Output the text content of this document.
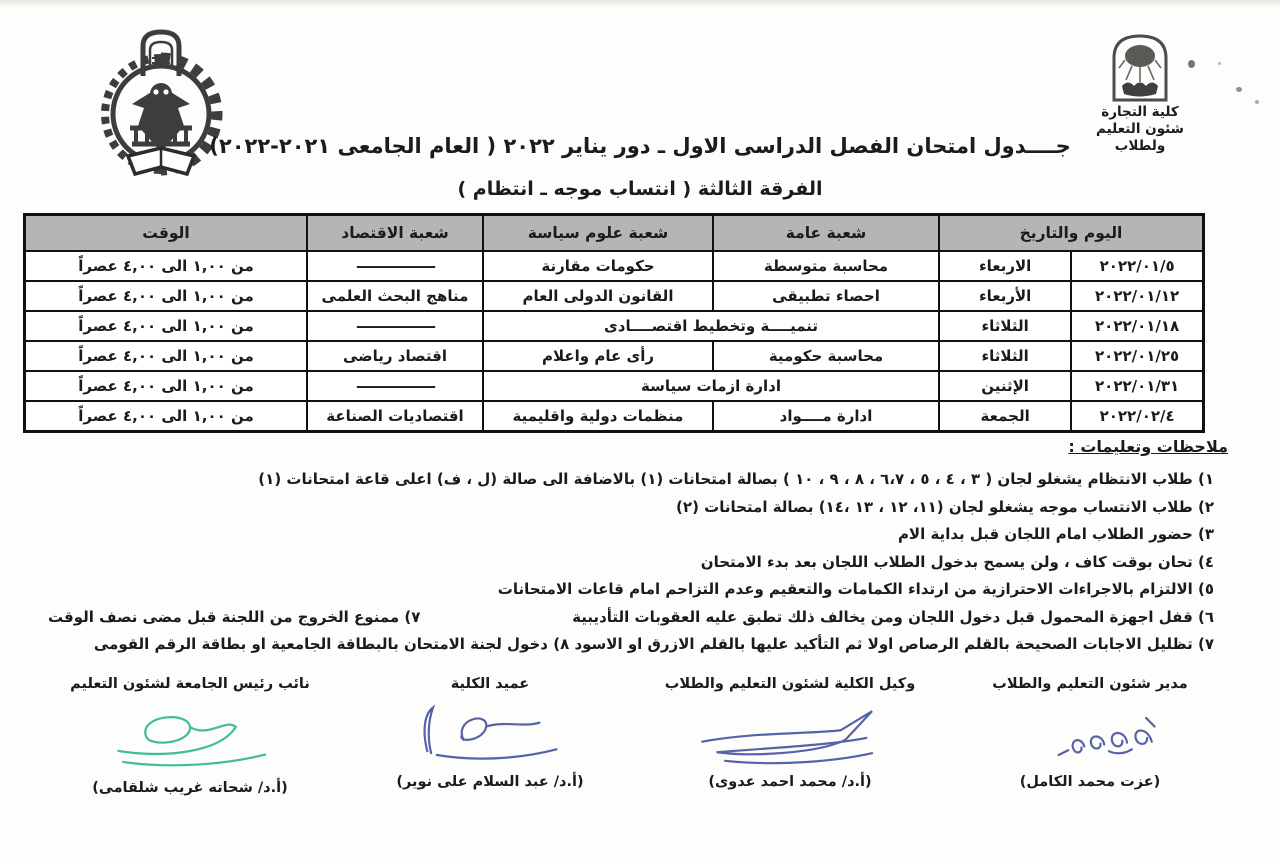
كلية التجارة
شئون التعليم ولطلاب
جــــدول امتحان الفصل الدراسى الاول ـ دور يناير ٢٠٢٢ ( العام الجامعى ٢٠٢١-٢٠٢٢)
الفرقة الثالثة ( انتساب موجه ـ انتظام )
اليوم والتاريخ		شعبة عامة	شعبة علوم سياسة	شعبة الاقتصاد	الوقت
٢٠٢٢/٠١/٥	الاربعاء	محاسبة متوسطة	حكومات مقارنة	——————	من ١,٠٠ الى ٤,٠٠ عصراً
٢٠٢٢/٠١/١٢	الأربعاء	احصاء تطبيقى	القانون الدولى العام	مناهج البحث العلمى	من ١,٠٠ الى ٤,٠٠ عصراً
٢٠٢٢/٠١/١٨	الثلاثاء	تنميــــة وتخطيط اقتصــــادى		——————	من ١,٠٠ الى ٤,٠٠ عصراً
٢٠٢٢/٠١/٢٥	الثلاثاء	محاسبة حكومية	رأى عام واعلام	اقتصاد رياضى	من ١,٠٠ الى ٤,٠٠ عصراً
٢٠٢٢/٠١/٣١	الإثنين	ادارة ازمات سياسة		——————	من ١,٠٠ الى ٤,٠٠ عصراً
٢٠٢٢/٠٢/٤	الجمعة	ادارة مــــواد	منظمات دولية واقليمية	اقتصاديات الصناعة	من ١,٠٠ الى ٤,٠٠ عصراً
ملاحظات وتعليمات :
١) طلاب الانتظام يشغلو لجان ( ٣ ، ٤ ، ٥ ، ٦،٧ ، ٨ ، ٩ ، ١٠ ) بصالة امتحانات (١) بالاضافة الى صالة (ل ، ف) اعلى قاعة امتحانات (١)
٢) طلاب الانتساب موجه يشغلو لجان (١١، ١٢ ، ١٣ ،١٤) بصالة امتحانات (٢)
٣) حضور الطلاب امام اللجان قبل بداية الام
٤) تحان بوقت كاف ، ولن يسمح بدخول الطلاب اللجان بعد بدء الامتحان
٥) الالتزام بالاجراءات الاحترازية من ارتداء الكمامات والتعقيم وعدم التزاحم امام قاعات الامتحانات
٦) قفل اجهزة المحمول قبل دخول اللجان ومن يخالف ذلك تطبق عليه العقوبات التأديبية
٧) ممنوع الخروج من اللجنة قبل مضى نصف الوقت
٧) تظليل الاجابات الصحيحة بالقلم الرصاص اولا ثم التأكيد عليها بالقلم الازرق او الاسود ٨) دخول لجنة الامتحان بالبطاقة الجامعية او بطاقة الرقم القومى
مدير شئون التعليم والطلاب
(عزت محمد الكامل)
وكيل الكلية لشئون التعليم والطلاب
(أ.د/ محمد احمد عدوى)
عميد الكلية
(أ.د/ عبد السلام على نوير)
نائب رئيس الجامعة لشئون التعليم
(أ.د/ شحاته غريب شلقامى)
